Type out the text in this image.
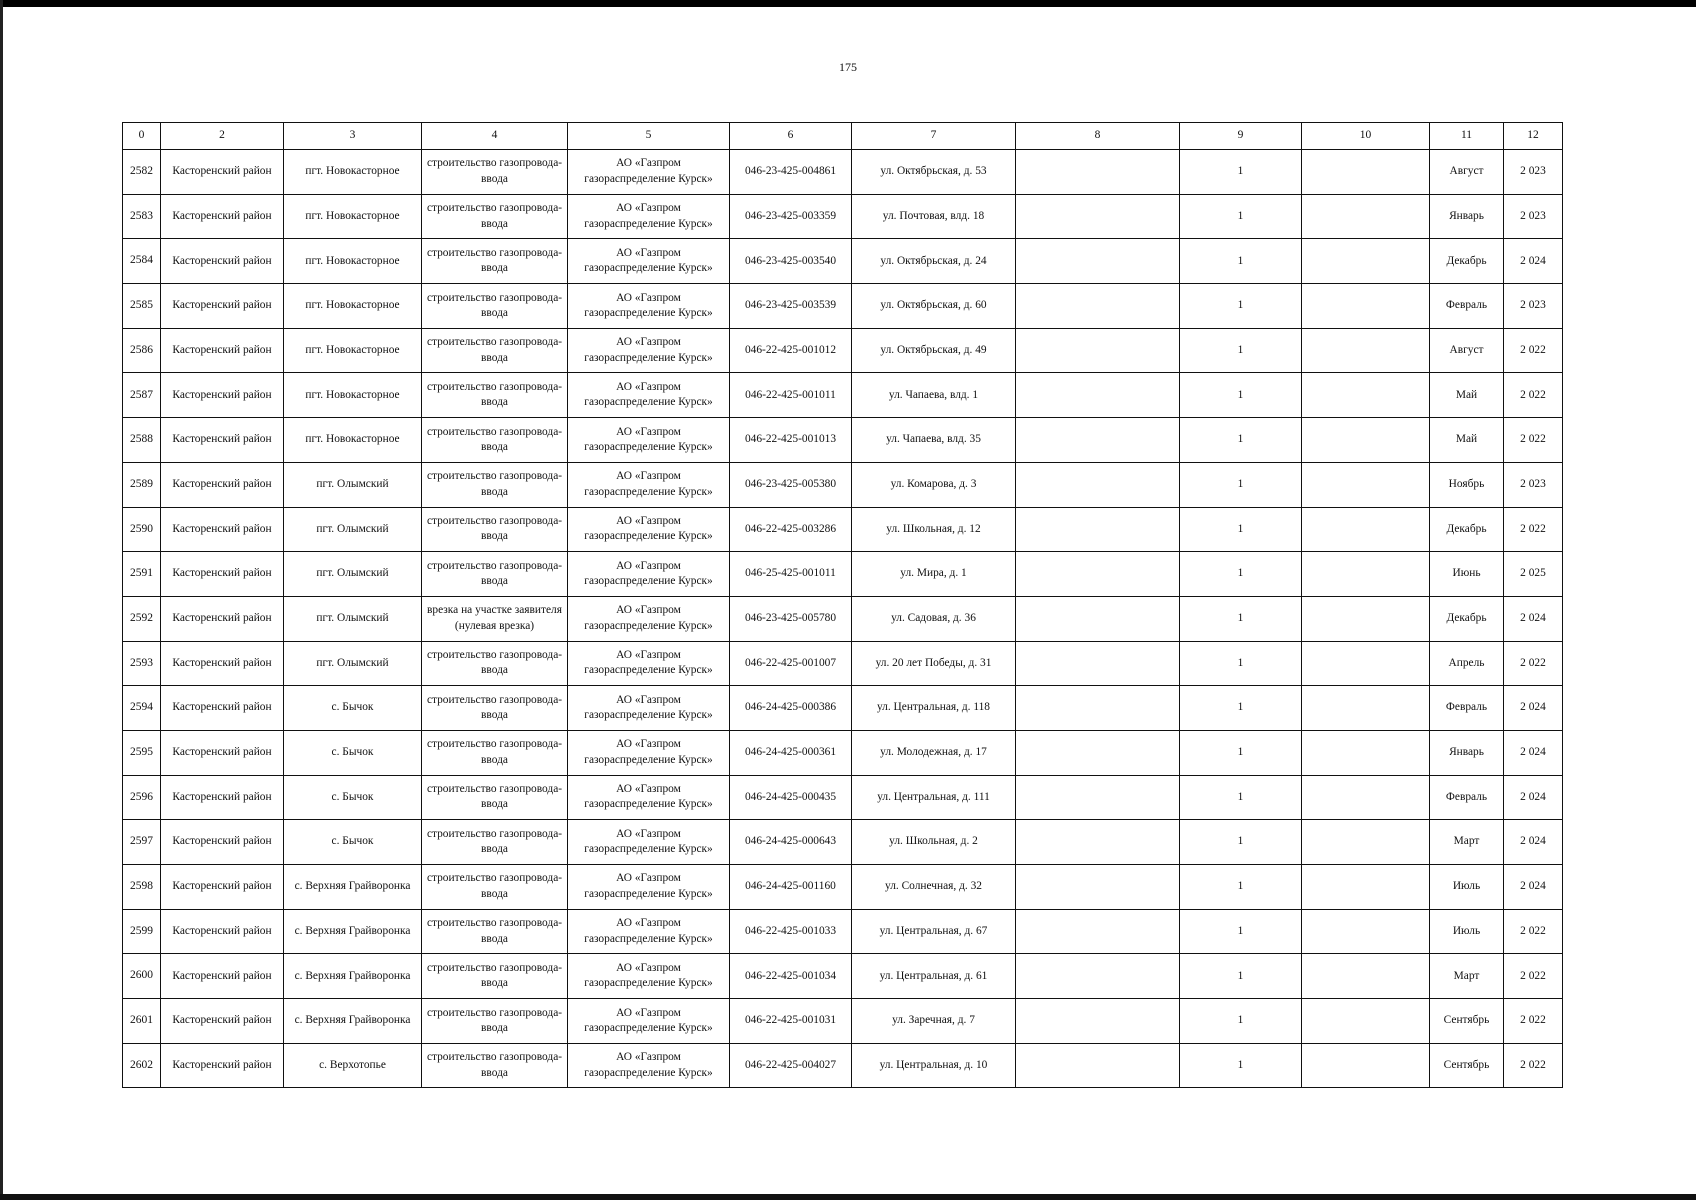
175
0	2	3	4	5	6	7	8	9	10	11	12
2582	Касторенский район	пгт. Новокасторное	строительство газопровода-ввода	АО «Газпром газораспределение Курск»	046-23-425-004861	ул. Октябрьская, д. 53		1		Август	2 023
2583	Касторенский район	пгт. Новокасторное	строительство газопровода-ввода	АО «Газпром газораспределение Курск»	046-23-425-003359	ул. Почтовая, влд. 18		1		Январь	2 023
2584	Касторенский район	пгт. Новокасторное	строительство газопровода-ввода	АО «Газпром газораспределение Курск»	046-23-425-003540	ул. Октябрьская, д. 24		1		Декабрь	2 024
2585	Касторенский район	пгт. Новокасторное	строительство газопровода-ввода	АО «Газпром газораспределение Курск»	046-23-425-003539	ул. Октябрьская, д. 60		1		Февраль	2 023
2586	Касторенский район	пгт. Новокасторное	строительство газопровода-ввода	АО «Газпром газораспределение Курск»	046-22-425-001012	ул. Октябрьская, д. 49		1		Август	2 022
2587	Касторенский район	пгт. Новокасторное	строительство газопровода-ввода	АО «Газпром газораспределение Курск»	046-22-425-001011	ул. Чапаева, влд. 1		1		Май	2 022
2588	Касторенский район	пгт. Новокасторное	строительство газопровода-ввода	АО «Газпром газораспределение Курск»	046-22-425-001013	ул. Чапаева, влд. 35		1		Май	2 022
2589	Касторенский район	пгт. Олымский	строительство газопровода-ввода	АО «Газпром газораспределение Курск»	046-23-425-005380	ул. Комарова, д. 3		1		Ноябрь	2 023
2590	Касторенский район	пгт. Олымский	строительство газопровода-ввода	АО «Газпром газораспределение Курск»	046-22-425-003286	ул. Школьная, д. 12		1		Декабрь	2 022
2591	Касторенский район	пгт. Олымский	строительство газопровода-ввода	АО «Газпром газораспределение Курск»	046-25-425-001011	ул. Мира, д. 1		1		Июнь	2 025
2592	Касторенский район	пгт. Олымский	врезка на участке заявителя (нулевая врезка)	АО «Газпром газораспределение Курск»	046-23-425-005780	ул. Садовая, д. 36		1		Декабрь	2 024
2593	Касторенский район	пгт. Олымский	строительство газопровода-ввода	АО «Газпром газораспределение Курск»	046-22-425-001007	ул. 20 лет Победы, д. 31		1		Апрель	2 022
2594	Касторенский район	с. Бычок	строительство газопровода-ввода	АО «Газпром газораспределение Курск»	046-24-425-000386	ул. Центральная, д. 118		1		Февраль	2 024
2595	Касторенский район	с. Бычок	строительство газопровода-ввода	АО «Газпром газораспределение Курск»	046-24-425-000361	ул. Молодежная, д. 17		1		Январь	2 024
2596	Касторенский район	с. Бычок	строительство газопровода-ввода	АО «Газпром газораспределение Курск»	046-24-425-000435	ул. Центральная, д. 111		1		Февраль	2 024
2597	Касторенский район	с. Бычок	строительство газопровода-ввода	АО «Газпром газораспределение Курск»	046-24-425-000643	ул. Школьная, д. 2		1		Март	2 024
2598	Касторенский район	с. Верхняя Грайворонка	строительство газопровода-ввода	АО «Газпром газораспределение Курск»	046-24-425-001160	ул. Солнечная, д. 32		1		Июль	2 024
2599	Касторенский район	с. Верхняя Грайворонка	строительство газопровода-ввода	АО «Газпром газораспределение Курск»	046-22-425-001033	ул. Центральная, д. 67		1		Июль	2 022
2600	Касторенский район	с. Верхняя Грайворонка	строительство газопровода-ввода	АО «Газпром газораспределение Курск»	046-22-425-001034	ул. Центральная, д. 61		1		Март	2 022
2601	Касторенский район	с. Верхняя Грайворонка	строительство газопровода-ввода	АО «Газпром газораспределение Курск»	046-22-425-001031	ул. Заречная, д. 7		1		Сентябрь	2 022
2602	Касторенский район	с. Верхотопье	строительство газопровода-ввода	АО «Газпром газораспределение Курск»	046-22-425-004027	ул. Центральная, д. 10		1		Сентябрь	2 022
